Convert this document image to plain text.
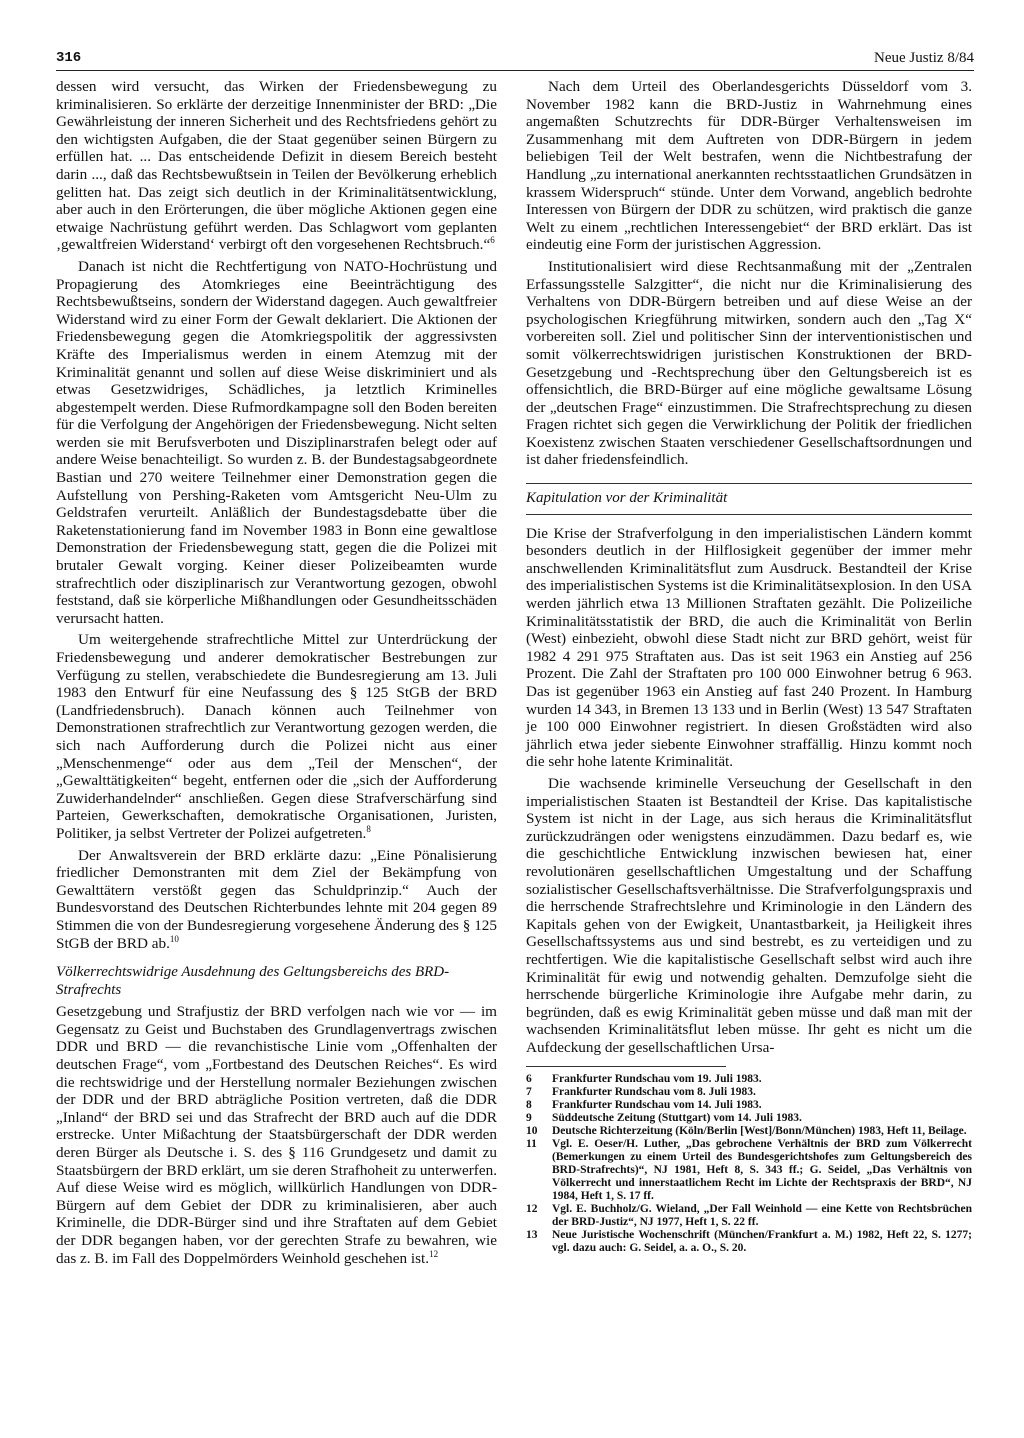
316	Neue Justiz 8/84

dessen wird versucht, das Wirken der Friedensbewegung zu kriminalisieren. So erklärte der derzeitige Innenminister der BRD: „Die Gewährleistung der inneren Sicherheit und des Rechtsfriedens gehört zu den wichtigsten Aufgaben, die der Staat gegenüber seinen Bürgern zu erfüllen hat. ... Das entscheidende Defizit in diesem Bereich besteht darin ..., daß das Rechtsbewußtsein in Teilen der Bevölkerung erheblich gelitten hat. Das zeigt sich deutlich in der Kriminalitätsentwicklung, aber auch in den Erörterungen, die über mögliche Aktionen gegen eine etwaige Nachrüstung geführt werden. Das Schlagwort vom geplanten ‚gewaltfreien Widerstand‘ verbirgt oft den vorgesehenen Rechtsbruch.“$^6$

Danach ist nicht die Rechtfertigung von NATO-Hochrüstung und Propagierung des Atomkrieges eine Beeinträchtigung des Rechtsbewußtseins, sondern der Widerstand dagegen. Auch gewaltfreier Widerstand wird zu einer Form der Gewalt deklariert. Die Aktionen der Friedensbewegung gegen die Atomkriegspolitik der aggressivsten Kräfte des Imperialismus werden in einem Atemzug mit der Kriminalität genannt und sollen auf diese Weise diskriminiert und als etwas Gesetzwidriges, Schädliches, ja letztlich Kriminelles abgestempelt werden. Diese Rufmordkampagne soll den Boden bereiten für die Verfolgung der Angehörigen der Friedensbewegung. Nicht selten werden sie mit Berufsverboten und Disziplinarstrafen belegt oder auf andere Weise benachteiligt. So wurden z. B. der Bundestagsabgeordnete Bastian und 270 weitere Teilnehmer einer Demonstration gegen die Aufstellung von Pershing-Raketen vom Amtsgericht Neu-Ulm zu Geldstrafen verurteilt. Anläßlich der Bundestagsdebatte über die Raketenstationierung fand im November 1983 in Bonn eine gewaltlose Demonstration der Friedensbewegung statt, gegen die die Polizei mit brutaler Gewalt vorging. Keiner dieser Polizeibeamten wurde strafrechtlich oder disziplinarisch zur Verantwortung gezogen, obwohl feststand, daß sie körperliche Mißhandlungen oder Gesundheitsschäden verursacht hatten.

Um weitergehende strafrechtliche Mittel zur Unterdrückung der Friedensbewegung und anderer demokratischer Bestrebungen zur Verfügung zu stellen, verabschiedete die Bundesregierung am 13. Juli 1983 den Entwurf für eine Neufassung des § 125 StGB der BRD (Landfriedensbruch). Danach können auch Teilnehmer von Demonstrationen strafrechtlich zur Verantwortung gezogen werden, die sich nach Aufforderung durch die Polizei nicht aus einer „Menschenmenge“ oder aus dem „Teil der Menschen“, der „Gewalttätigkeiten“ begeht, entfernen oder die „sich der Aufforderung Zuwiderhandelnder“ anschließen. Gegen diese Strafverschärfung sind Parteien, Gewerkschaften, demokratische Organisationen, Juristen, Politiker, ja selbst Vertreter der Polizei aufgetreten.$^8$

Der Anwaltsverein der BRD erklärte dazu: „Eine Pönalisierung friedlicher Demonstranten mit dem Ziel der Bekämpfung von Gewalttätern verstößt gegen das Schuldprinzip.“ Auch der Bundesvorstand des Deutschen Richterbundes lehnte mit 204 gegen 89 Stimmen die von der Bundesregierung vorgesehene Änderung des § 125 StGB der BRD ab.$^{10}$

Völkerrechtswidrige Ausdehnung des Geltungsbereichs des BRD-Strafrechts

Gesetzgebung und Strafjustiz der BRD verfolgen nach wie vor — im Gegensatz zu Geist und Buchstaben des Grundlagenvertrags zwischen DDR und BRD — die revanchistische Linie vom „Offenhalten der deutschen Frage“, vom „Fortbestand des Deutschen Reiches“. Es wird die rechtswidrige und der Herstellung normaler Beziehungen zwischen der DDR und der BRD abträgliche Position vertreten, daß die DDR „Inland“ der BRD sei und das Strafrecht der BRD auch auf die DDR erstrecke. Unter Mißachtung der Staatsbürgerschaft der DDR werden deren Bürger als Deutsche i. S. des § 116 Grundgesetz und damit zu Staatsbürgern der BRD erklärt, um sie deren Strafhoheit zu unterwerfen. Auf diese Weise wird es möglich, willkürlich Handlungen von DDR-Bürgern auf dem Gebiet der DDR zu kriminalisieren, aber auch Kriminelle, die DDR-Bürger sind und ihre Straftaten auf dem Gebiet der DDR begangen haben, vor der gerechten Strafe zu bewahren, wie das z. B. im Fall des Doppelmörders Weinhold geschehen ist.$^{12}$

Nach dem Urteil des Oberlandesgerichts Düsseldorf vom 3. November 1982 kann die BRD-Justiz in Wahrnehmung eines angemaßten Schutzrechts für DDR-Bürger Verhaltensweisen im Zusammenhang mit dem Auftreten von DDR-Bürgern in jedem beliebigen Teil der Welt bestrafen, wenn die Nichtbestrafung der Handlung „zu international anerkannten rechtsstaatlichen Grundsätzen in krassem Widerspruch“ stünde. Unter dem Vorwand, angeblich bedrohte Interessen von Bürgern der DDR zu schützen, wird praktisch die ganze Welt zu einem „rechtlichen Interessengebiet“ der BRD erklärt. Das ist eindeutig eine Form der juristischen Aggression.

Institutionalisiert wird diese Rechtsanmaßung mit der „Zentralen Erfassungsstelle Salzgitter“, die nicht nur die Kriminalisierung des Verhaltens von DDR-Bürgern betreiben und auf diese Weise an der psychologischen Kriegführung mitwirken, sondern auch den „Tag X“ vorbereiten soll. Ziel und politischer Sinn der interventionistischen und somit völkerrechtswidrigen juristischen Konstruktionen der BRD-Gesetzgebung und -Rechtsprechung über den Geltungsbereich ist es offensichtlich, die BRD-Bürger auf eine mögliche gewaltsame Lösung der „deutschen Frage“ einzustimmen. Die Strafrechtsprechung zu diesen Fragen richtet sich gegen die Verwirklichung der Politik der friedlichen Koexistenz zwischen Staaten verschiedener Gesellschaftsordnungen und ist daher friedensfeindlich.

Kapitulation vor der Kriminalität

Die Krise der Strafverfolgung in den imperialistischen Ländern kommt besonders deutlich in der Hilflosigkeit gegenüber der immer mehr anschwellenden Kriminalitätsflut zum Ausdruck. Bestandteil der Krise des imperialistischen Systems ist die Kriminalitätsexplosion. In den USA werden jährlich etwa 13 Millionen Straftaten gezählt. Die Polizeiliche Kriminalitätsstatistik der BRD, die auch die Kriminalität von Berlin (West) einbezieht, obwohl diese Stadt nicht zur BRD gehört, weist für 1982 4 291 975 Straftaten aus. Das ist seit 1963 ein Anstieg auf 256 Prozent. Die Zahl der Straftaten pro 100 000 Einwohner betrug 6 963. Das ist gegenüber 1963 ein Anstieg auf fast 240 Prozent. In Hamburg wurden 14 343, in Bremen 13 133 und in Berlin (West) 13 547 Straftaten je 100 000 Einwohner registriert. In diesen Großstädten wird also jährlich etwa jeder siebente Einwohner straffällig. Hinzu kommt noch die sehr hohe latente Kriminalität.

Die wachsende kriminelle Verseuchung der Gesellschaft in den imperialistischen Staaten ist Bestandteil der Krise. Das kapitalistische System ist nicht in der Lage, aus sich heraus die Kriminalitätsflut zurückzudrängen oder wenigstens einzudämmen. Dazu bedarf es, wie die geschichtliche Entwicklung inzwischen bewiesen hat, einer revolutionären gesellschaftlichen Umgestaltung und der Schaffung sozialistischer Gesellschaftsverhältnisse. Die Strafverfolgungspraxis und die herrschende Strafrechtslehre und Kriminologie in den Ländern des Kapitals gehen von der Ewigkeit, Unantastbarkeit, ja Heiligkeit ihres Gesellschaftssystems aus und sind bestrebt, es zu verteidigen und zu rechtfertigen. Wie die kapitalistische Gesellschaft selbst wird auch ihre Kriminalität für ewig und notwendig gehalten. Demzufolge sieht die herrschende bürgerliche Kriminologie ihre Aufgabe mehr darin, zu begründen, daß es ewig Kriminalität geben müsse und daß man mit der wachsenden Kriminalitätsflut leben müsse. Ihr geht es nicht um die Aufdeckung der gesellschaftlichen Ursa-

6	Frankfurter Rundschau vom 19. Juli 1983.
7	Frankfurter Rundschau vom 8. Juli 1983.
8	Frankfurter Rundschau vom 14. Juli 1983.
9	Süddeutsche Zeitung (Stuttgart) vom 14. Juli 1983.
10	Deutsche Richterzeitung (Köln/Berlin [West]/Bonn/München) 1983, Heft 11, Beilage.
11	Vgl. E. Oeser/H. Luther, „Das gebrochene Verhältnis der BRD zum Völkerrecht (Bemerkungen zu einem Urteil des Bundesgerichtshofes zum Geltungsbereich des BRD-Strafrechts)“, NJ 1981, Heft 8, S. 343 ff.; G. Seidel, „Das Verhältnis von Völkerrecht und innerstaatlichem Recht im Lichte der Rechtspraxis der BRD“, NJ 1984, Heft 1, S. 17 ff.
12	Vgl. E. Buchholz/G. Wieland, „Der Fall Weinhold — eine Kette von Rechtsbrüchen der BRD-Justiz“, NJ 1977, Heft 1, S. 22 ff.
13	Neue Juristische Wochenschrift (München/Frankfurt a. M.) 1982, Heft 22, S. 1277; vgl. dazu auch: G. Seidel, a. a. O., S. 20.
